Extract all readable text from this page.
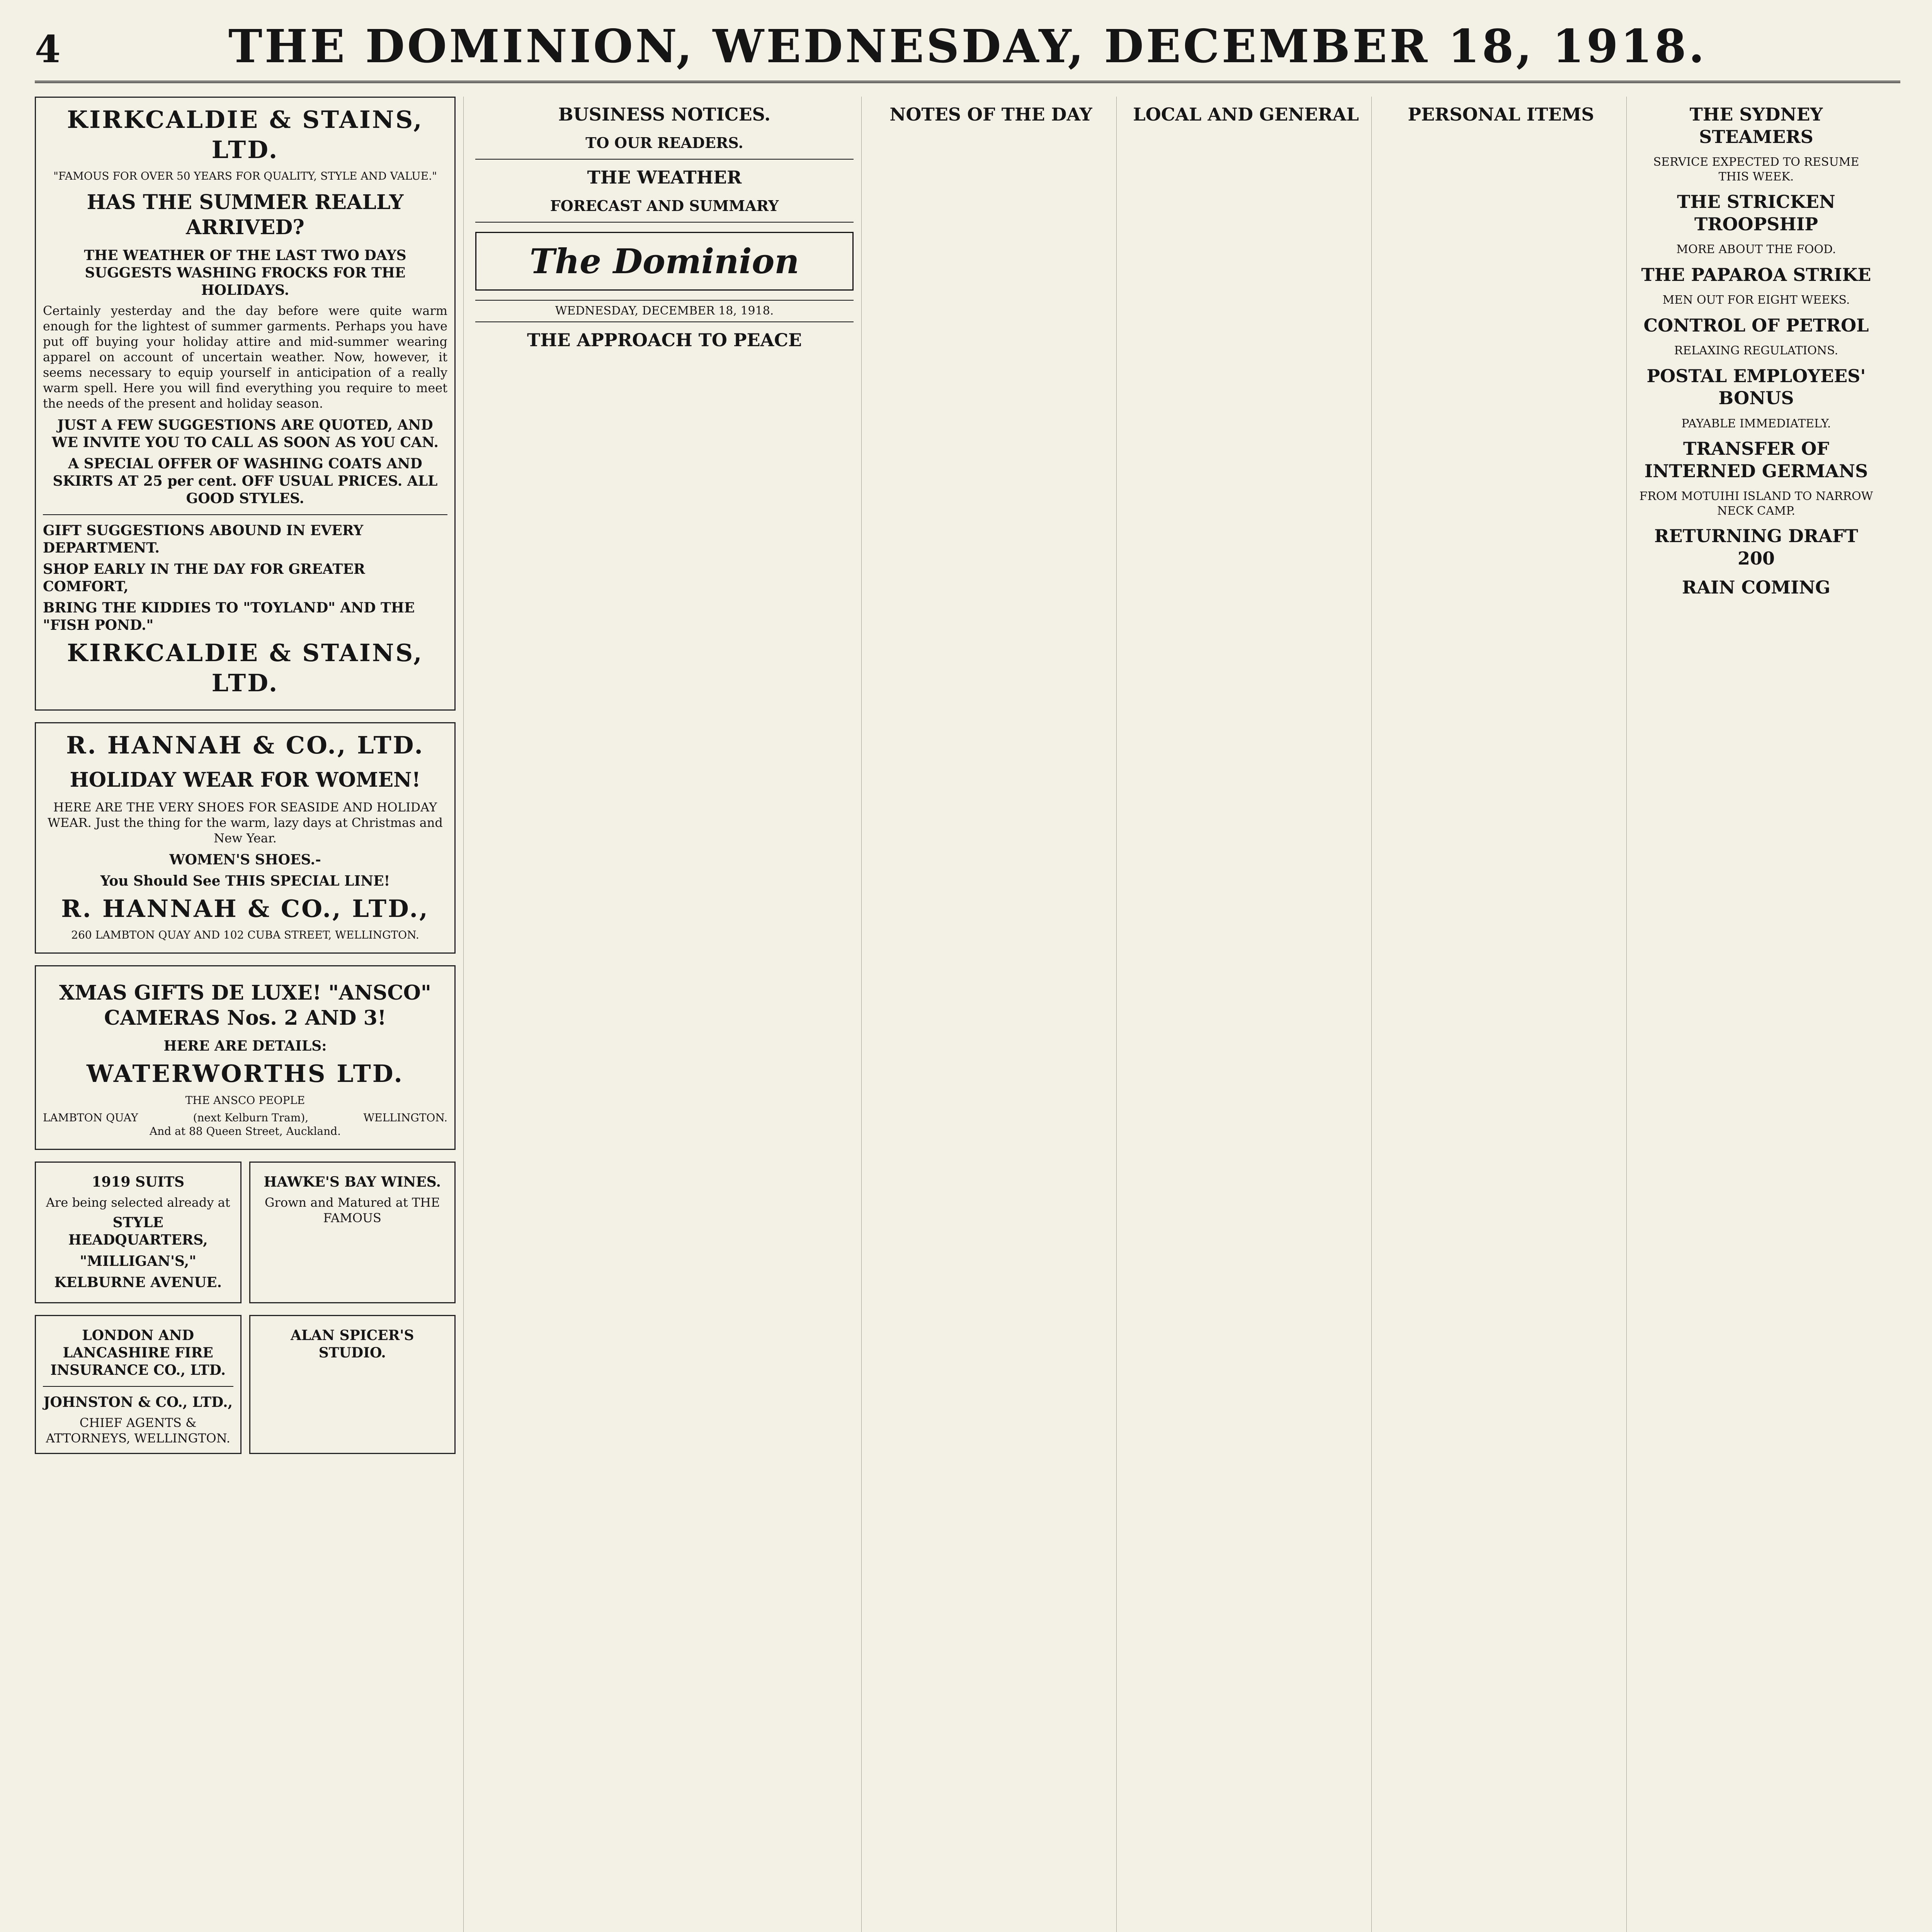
4	THE DOMINION, WEDNESDAY, DECEMBER 18, 1918.
KIRKCALDIE & STAINS, LTD.
"FAMOUS FOR OVER 50 YEARS FOR QUALITY, STYLE AND VALUE."
HAS THE SUMMER REALLY ARRIVED?
THE WEATHER OF THE LAST TWO DAYS SUGGESTS WASHING FROCKS FOR THE HOLIDAYS.

Certainly yesterday and the day before were quite warm enough for the lightest of summer garments. Perhaps you have put off buying your holiday attire and mid-summer wearing apparel on account of uncertain weather. Now, however, it seems necessary to equip yourself in anticipation of a really warm spell. Here you will find everything you require to meet the needs of the present and holiday season.

JUST A FEW SUGGESTIONS ARE QUOTED, AND WE INVITE YOU TO CALL AS SOON AS YOU CAN.
A SPECIAL OFFER OF WASHING COATS AND SKIRTS AT 25 per cent. OFF USUAL PRICES. ALL GOOD STYLES.
GIFT SUGGESTIONS ABOUND IN EVERY DEPARTMENT.
SHOP EARLY IN THE DAY FOR GREATER COMFORT,
BRING THE KIDDIES TO "TOYLAND" AND THE "FISH POND."
KIRKCALDIE & STAINS, LTD.
R. HANNAH & CO., LTD.
HOLIDAY WEAR FOR WOMEN!

HERE ARE THE VERY SHOES FOR SEASIDE AND HOLIDAY WEAR. Just the thing for the warm, lazy days at Christmas and New Year.

WOMEN'S SHOES.-
You Should See THIS SPECIAL LINE!
R. HANNAH & CO., LTD.,
260 LAMBTON QUAY AND 102 CUBA STREET, WELLINGTON.
XMAS GIFTS DE LUXE! "ANSCO" CAMERAS Nos. 2 AND 3!
HERE ARE DETAILS:
WATERWORTHS LTD.
THE ANSCO PEOPLE
LAMBTON QUAY	(next Kelburn Tram),	WELLINGTON.
And at 88 Queen Street, Auckland.
1919 SUITS
Are being selected already at
STYLE HEADQUARTERS,
"MILLIGAN'S,"
KELBURNE AVENUE.
HAWKE'S BAY WINES.
Grown and Matured at THE FAMOUS
LONDON AND LANCASHIRE FIRE INSURANCE CO., LTD.
JOHNSTON & CO., LTD.,
CHIEF AGENTS & ATTORNEYS, WELLINGTON.
ALAN SPICER'S STUDIO.
BUSINESS NOTICES.
TO OUR READERS.
THE WEATHER
FORECAST AND SUMMARY
The Dominion
WEDNESDAY, DECEMBER 18, 1918.
THE APPROACH TO PEACE
NOTES OF THE DAY	LOCAL AND GENERAL	PERSONAL ITEMS	THE SYDNEY STEAMERS
SERVICE EXPECTED TO RESUME THIS WEEK.
THE STRICKEN TROOPSHIP
MORE ABOUT THE FOOD.
THE PAPAROA STRIKE
MEN OUT FOR EIGHT WEEKS.
CONTROL OF PETROL
RELAXING REGULATIONS.
POSTAL EMPLOYEES' BONUS
PAYABLE IMMEDIATELY.
TRANSFER OF INTERNED GERMANS
FROM MOTUIHI ISLAND TO NARROW NECK CAMP.
RETURNING DRAFT 200
RAIN COMING
